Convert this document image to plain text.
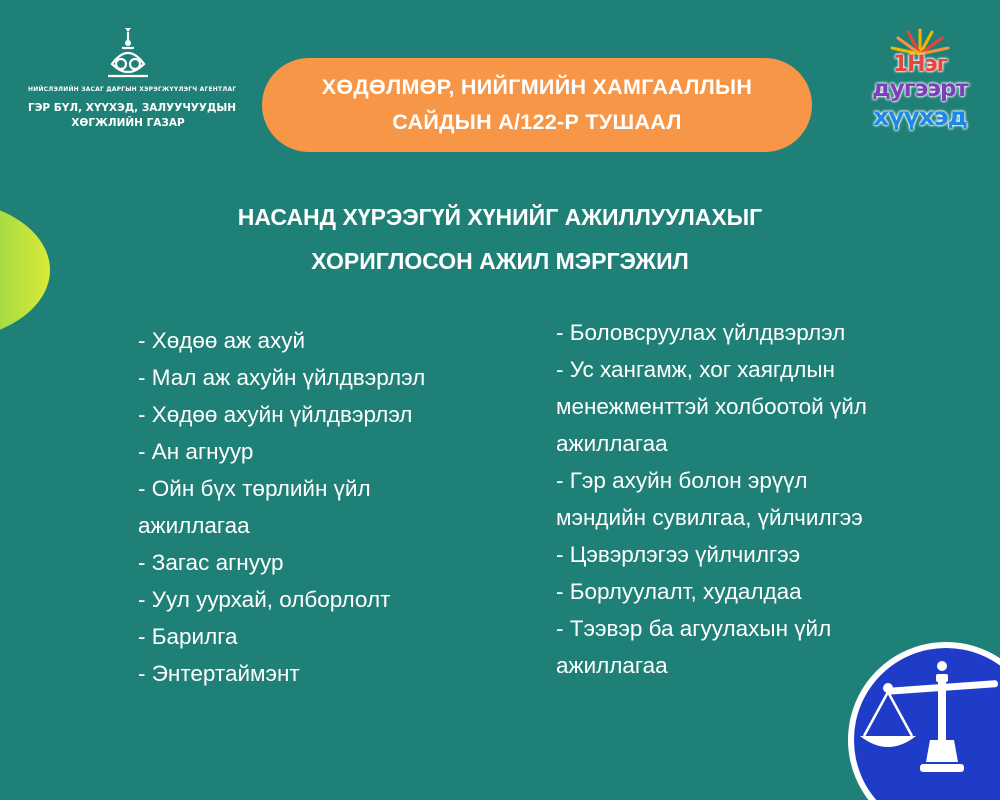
НИЙСЛЭЛИЙН ЗАСАГ ДАРГЫН ХЭРЭГЖҮҮЛЭГЧ АГЕНТЛАГ
ГЭР БҮЛ, ХҮҮХЭД, ЗАЛУУЧУУДЫН
ХӨГЖЛИЙН ГАЗАР
ХӨДӨЛМӨР, НИЙГМИЙН ХАМГААЛЛЫН
САЙДЫН А/122-Р ТУШААЛ
1Нэг
дугээрт
хүүхэд
НАСАНД ХҮРЭЭГҮЙ ХҮНИЙГ АЖИЛЛУУЛАХЫГ
ХОРИГЛОСОН АЖИЛ МЭРГЭЖИЛ
- Хөдөө аж ахуй
- Мал аж ахуйн үйлдвэрлэл
- Хөдөө ахуйн үйлдвэрлэл
- Ан агнуур
- Ойн бүх төрлийн үйл
ажиллагаа
- Загас агнуур
- Уул уурхай, олборлолт
- Барилга
- Энтертаймэнт
- Боловсруулах үйлдвэрлэл
- Ус хангамж, хог хаягдлын
менежменттэй холбоотой үйл
ажиллагаа
- Гэр ахуйн болон эрүүл
мэндийн сувилгаа, үйлчилгээ
- Цэвэрлэгээ үйлчилгээ
- Борлуулалт, худалдаа
- Тээвэр ба агуулахын үйл
ажиллагаа
